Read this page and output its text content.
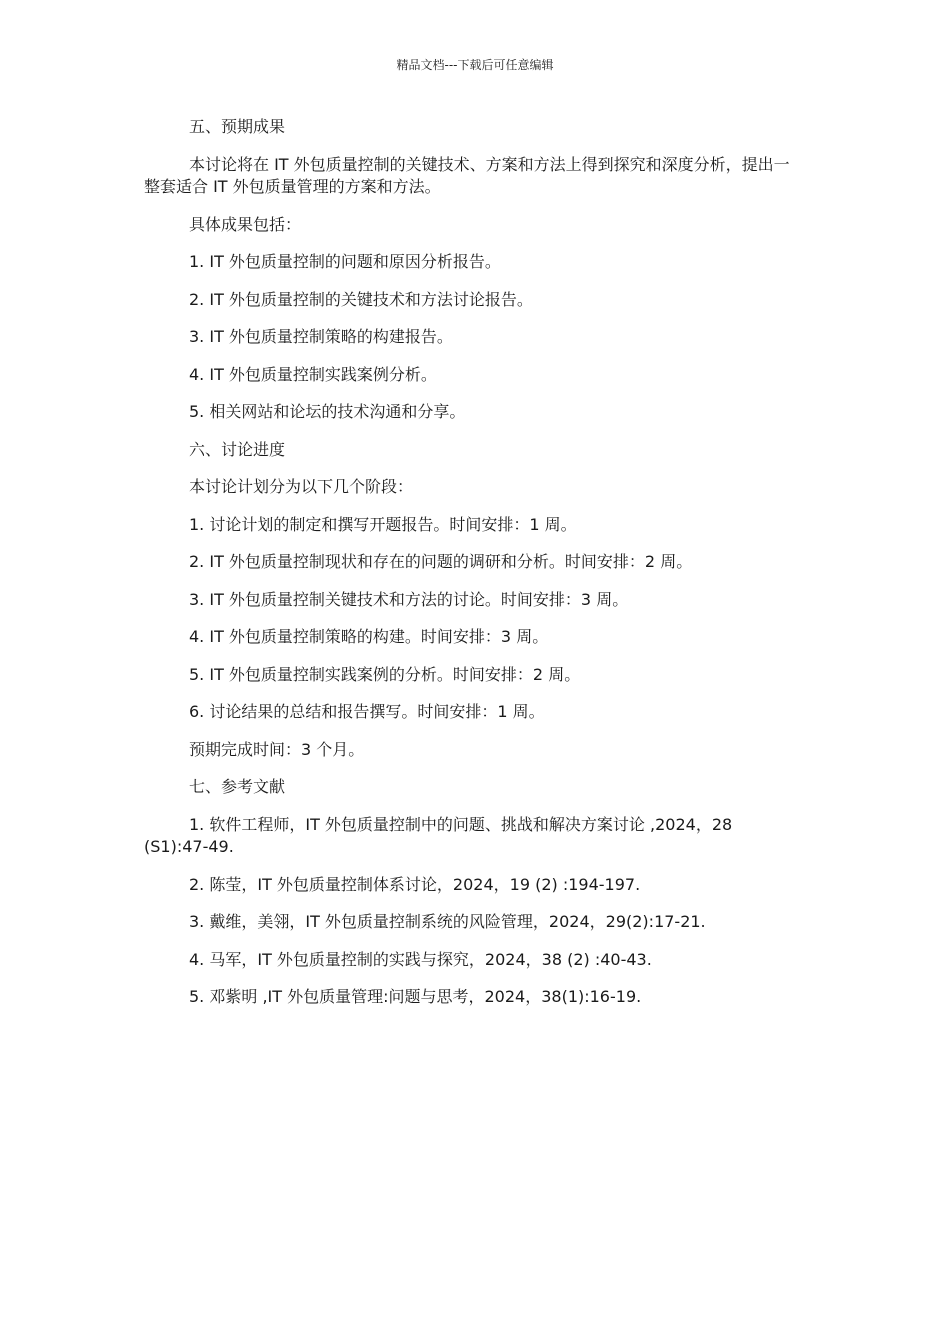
精品文档---下载后可任意编辑
五、预期成果
本讨论将在 IT 外包质量控制的关键技术、方案和方法上得到探究和深度分析，提出一整套适合 IT 外包质量管理的方案和方法。
具体成果包括：
1. IT 外包质量控制的问题和原因分析报告。
2. IT 外包质量控制的关键技术和方法讨论报告。
3. IT 外包质量控制策略的构建报告。
4. IT 外包质量控制实践案例分析。
5. 相关网站和论坛的技术沟通和分享。
六、讨论进度
本讨论计划分为以下几个阶段：
1. 讨论计划的制定和撰写开题报告。时间安排：1 周。
2. IT 外包质量控制现状和存在的问题的调研和分析。时间安排：2 周。
3. IT 外包质量控制关键技术和方法的讨论。时间安排：3 周。
4. IT 外包质量控制策略的构建。时间安排：3 周。
5. IT 外包质量控制实践案例的分析。时间安排：2 周。
6. 讨论结果的总结和报告撰写。时间安排：1 周。
预期完成时间：3 个月。
七、参考文献
1. 软件工程师，IT 外包质量控制中的问题、挑战和解决方案讨论 ,2024，28 (S1):47-49.
2. 陈莹，IT 外包质量控制体系讨论，2024，19 (2) :194-197.
3. 戴维，美翎，IT 外包质量控制系统的风险管理，2024，29(2):17-21.
4. 马军，IT 外包质量控制的实践与探究，2024，38 (2) :40-43.
5. 邓紫明 ,IT 外包质量管理:问题与思考，2024，38(1):16-19.
